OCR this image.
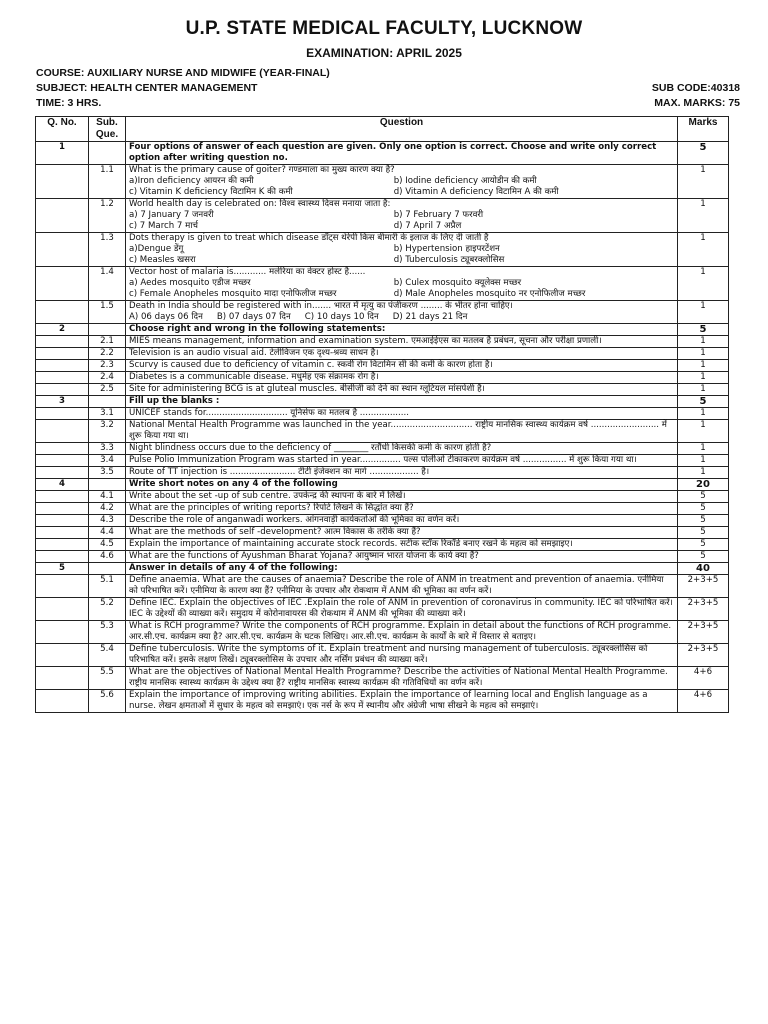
U.P. STATE MEDICAL FACULTY, LUCKNOW
EXAMINATION: APRIL 2025
COURSE: AUXILIARY NURSE AND MIDWIFE (YEAR-FINAL)
SUBJECT: HEALTH CENTER MANAGEMENT	SUB CODE:40318
TIME: 3 HRS.	MAX. MARKS: 75
Q. No.	Sub. Que.	Question	Marks
1		Four options of answer of each question are given. Only one option is correct. Choose and write only correct option after writing question no.	5
	1.1	What is the primary cause of goiter? गण्डमाला का मुख्य कारण क्या है?
a)Iron deficiency आयरन की कमी b) Iodine deficiency आयोडीन की कमी
c) Vitamin K deficiency विटामिन K की कमी d) Vitamin A deficiency विटामिन A की कमी	1
	1.2	World health day is celebrated on: विश्व स्वास्थ्य दिवस मनाया जाता है:
a) 7 January 7 जनवरी b) 7 February 7 फरवरी
c) 7 March 7 मार्च d) 7 April 7 अप्रैल	1
	1.3	Dots therapy is given to treat which disease डॉट्स थेरेपी किस बीमारी के इलाज के लिए दी जाती है
a)Dengue डेंगू b) Hypertension हाइपरटेंशन
c) Measles खसरा d) Tuberculosis ट्यूबरक्लोसिस	1
	1.4	Vector host of malaria is............ मलेरिया का वेक्टर होस्ट है......
a) Aedes mosquito एडीज मच्छर b) Culex mosquito क्यूलेक्स मच्छर
c) Female Anopheles mosquito मादा एनोफिलीज मच्छर d) Male Anopheles mosquito नर एनोफिलीज मच्छर	1
	1.5	Death in India should be registered with in....... भारत में मृत्यु का पंजीकरण ........ के भीतर होना चाहिए।
A) 06 days 06 दिन B) 07 days 07 दिन C) 10 days 10 दिन D) 21 days 21 दिन	1
2		Choose right and wrong in the following statements:	5
	2.1	MIES means management, information and examination system. एमआईईएस का मतलब है प्रबंधन, सूचना और परीक्षा प्रणाली।	1
	2.2	Television is an audio visual aid. टेलीविजन एक दृश्य-श्रव्य साधन है।	1
	2.3	Scurvy is caused due to deficiency of vitamin c. स्कर्वी रोग विटामिन सी की कमी के कारण होता है।	1
	2.4	Diabetes is a communicable disease. मधुमेह एक संक्रामक रोग है।	1
	2.5	Site for administering BCG is at gluteal muscles. बीसीजी को देने का स्थान ग्लूटियल मांसपेशी है।	1
3		Fill up the blanks :	5
	3.1	UNICEF stands for.............................. यूनिसेफ का मतलब है ..................	1
	3.2	National Mental Health Programme was launched in the year.............................. राष्ट्रीय मानसिक स्वास्थ्य कार्यक्रम वर्ष ......................... में शुरू किया गया था।	1
	3.3	Night blindness occurs due to the deficiency of ________ रतौंधी किसकी कमी के कारण होती है?	1
	3.4	Pulse Polio Immunization Program was started in year............... पल्स पोलीओ टीकाकरण कार्यक्रम वर्ष ................ में शुरू किया गया था।	1
	3.5	Route of TT injection is ........................ टीटी इंजेक्शन का मार्ग .................. है।	1
4		Write short notes on any 4 of the following	20
	4.1	Write about the set -up of sub centre. उपकेन्द्र की स्थापना के बारे में लिखें।	5
	4.2	What are the principles of writing reports? रिपोर्ट लिखने के सिद्धांत क्या हैं?	5
	4.3	Describe the role of anganwadi workers. आंगनवाड़ी कार्यकर्ताओं की भूमिका का वर्णन करें।	5
	4.4	What are the methods of self -development? आत्म विकास के तरीके क्या हैं?	5
	4.5	Explain the importance of maintaining accurate stock records. सटीक स्टॉक रिकॉर्ड बनाए रखने के महत्व को समझाइए।	5
	4.6	What are the functions of Ayushman Bharat Yojana? आयुष्मान भारत योजना के कार्य क्या हैं?	5
5		Answer in details of any 4 of the following:	40
	5.1	Define anaemia. What are the causes of anaemia? Describe the role of ANM in treatment and prevention of anaemia. एनीमिया को परिभाषित करें। एनीमिया के कारण क्या हैं? एनीमिया के उपचार और रोकथाम में ANM की भूमिका का वर्णन करें।	2+3+5
	5.2	Define IEC. Explain the objectives of IEC .Explain the role of ANM in prevention of coronavirus in community. IEC को परिभाषित करें। IEC के उद्देश्यों की व्याख्या करें। समुदाय में कोरोनावायरस की रोकथाम में ANM की भूमिका की व्याख्या करें।	2+3+5
	5.3	What is RCH programme? Write the components of RCH programme. Explain in detail about the functions of RCH programme. आर.सी.एच. कार्यक्रम क्या है? आर.सी.एच. कार्यक्रम के घटक लिखिए। आर.सी.एच. कार्यक्रम के कार्यों के बारे में विस्तार से बताइए।	2+3+5
	5.4	Define tuberculosis. Write the symptoms of it. Explain treatment and nursing management of tuberculosis. ट्यूबरक्लोसिस को परिभाषित करें। इसके लक्षण लिखें। ट्यूबरक्लोसिस के उपचार और नर्सिंग प्रबंधन की व्याख्या करें।	2+3+5
	5.5	What are the objectives of National Mental Health Programme? Describe the activities of National Mental Health Programme. राष्ट्रीय मानसिक स्वास्थ्य कार्यक्रम के उद्देश्य क्या हैं? राष्ट्रीय मानसिक स्वास्थ्य कार्यक्रम की गतिविधियों का वर्णन करें।	4+6
	5.6	Explain the importance of improving writing abilities. Explain the importance of learning local and English language as a nurse. लेखन क्षमताओं में सुधार के महत्व को समझाएं। एक नर्स के रूप में स्थानीय और अंग्रेजी भाषा सीखने के महत्व को समझाएं।	4+6
